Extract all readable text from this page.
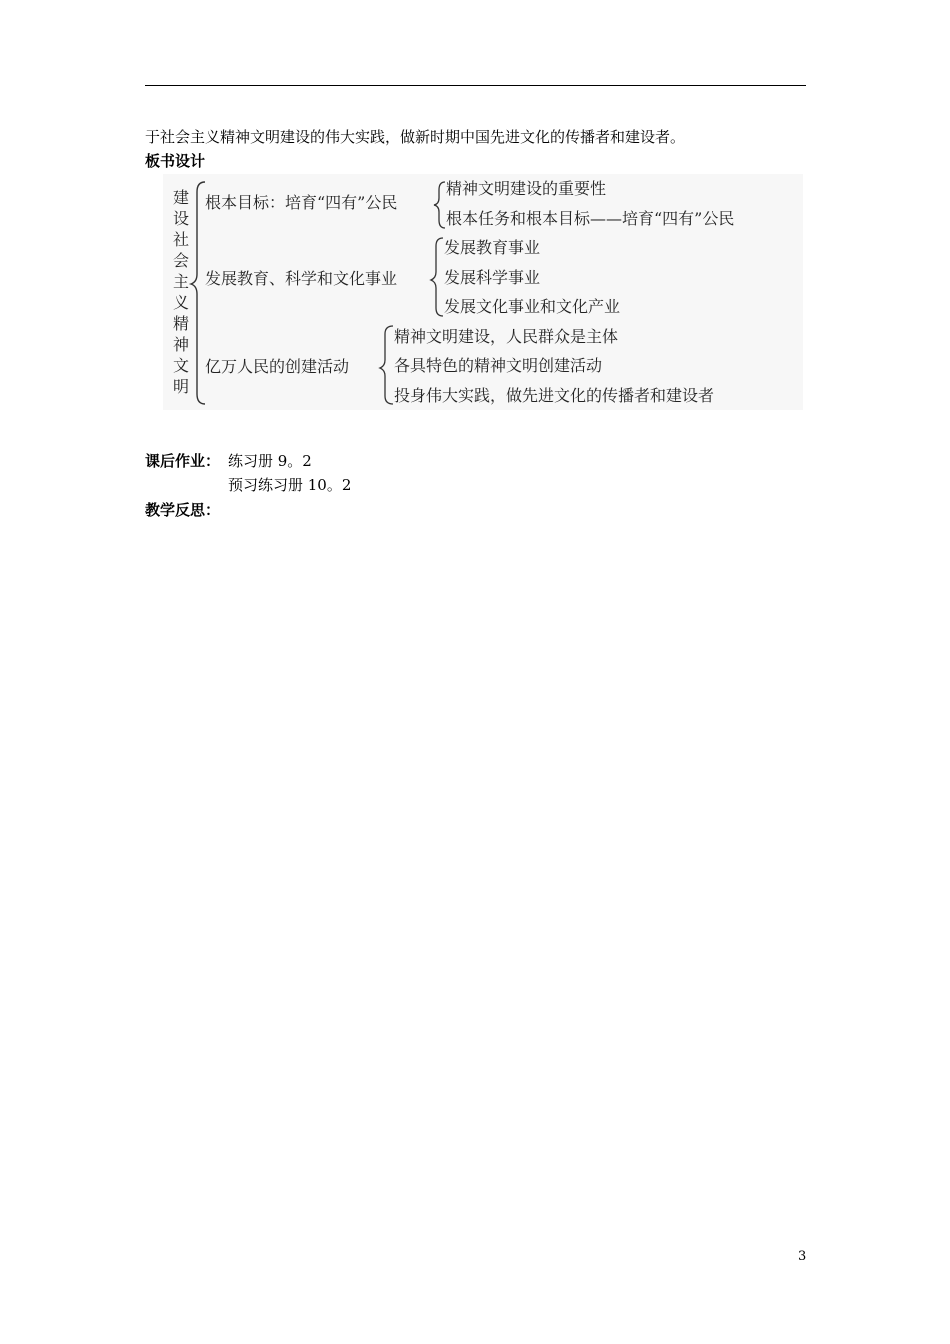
于社会主义精神文明建设的伟大实践，做新时期中国先进文化的传播者和建设者。
板书设计
建
设
社
会
主
义
精
神
文
明
根本目标：培育“四有”公民
精神文明建设的重要性
根本任务和根本目标——培育“四有”公民
发展教育、科学和文化事业
发展教育事业
发展科学事业
发展文化事业和文化产业
亿万人民的创建活动
精神文明建设，人民群众是主体
各具特色的精神文明创建活动
投身伟大实践，做先进文化的传播者和建设者
课后作业： 练习册 9。2
预习练习册 10。2
教学反思：
3
